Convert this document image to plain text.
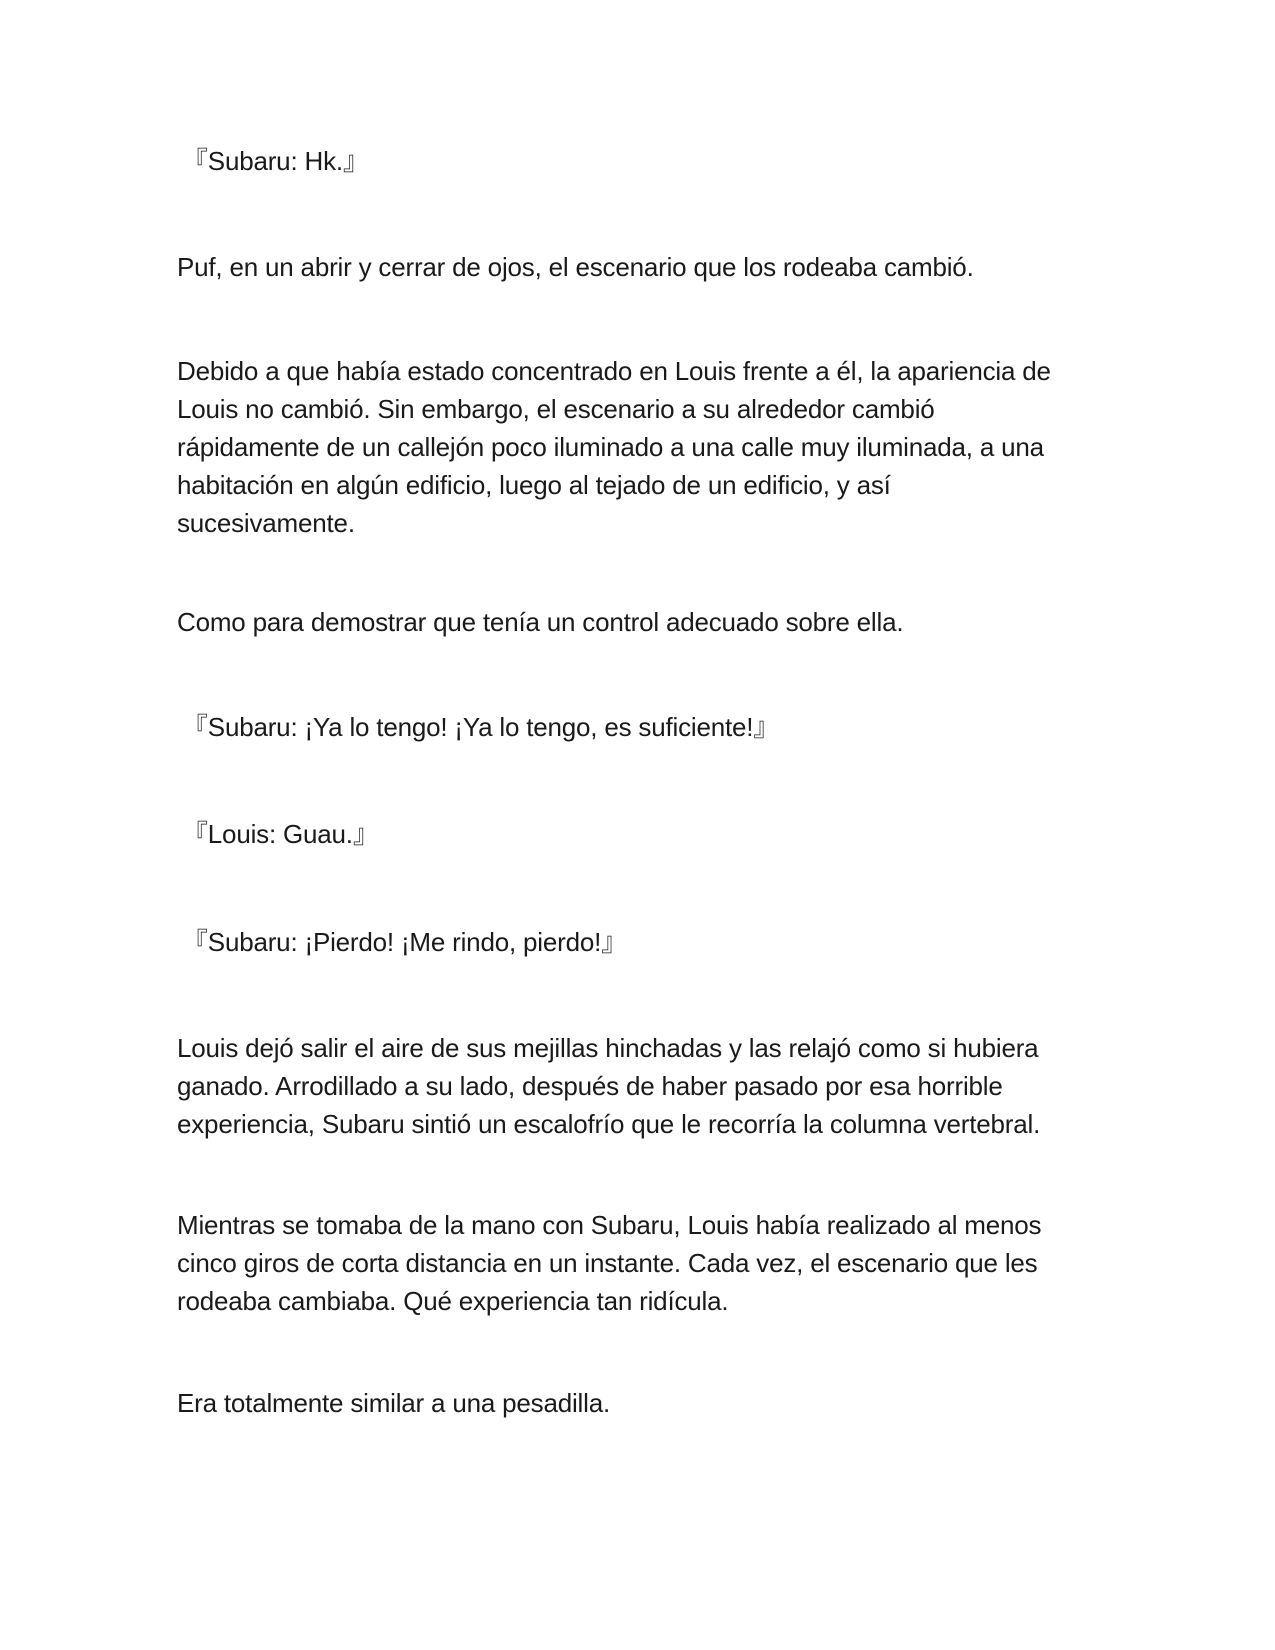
『Subaru: Hk.』

Puf, en un abrir y cerrar de ojos, el escenario que los rodeaba cambió.

Debido a que había estado concentrado en Louis frente a él, la apariencia de
Louis no cambió. Sin embargo, el escenario a su alrededor cambió
rápidamente de un callejón poco iluminado a una calle muy iluminada, a una
habitación en algún edificio, luego al tejado de un edificio, y así
sucesivamente.

Como para demostrar que tenía un control adecuado sobre ella.

『Subaru: ¡Ya lo tengo! ¡Ya lo tengo, es suficiente!』

『Louis: Guau.』

『Subaru: ¡Pierdo! ¡Me rindo, pierdo!』

Louis dejó salir el aire de sus mejillas hinchadas y las relajó como si hubiera
ganado. Arrodillado a su lado, después de haber pasado por esa horrible
experiencia, Subaru sintió un escalofrío que le recorría la columna vertebral.
Mientras se tomaba de la mano con Subaru, Louis había realizado al menos
cinco giros de corta distancia en un instante. Cada vez, el escenario que les
rodeaba cambiaba. Qué experiencia tan ridícula.

Era totalmente similar a una pesadilla.
